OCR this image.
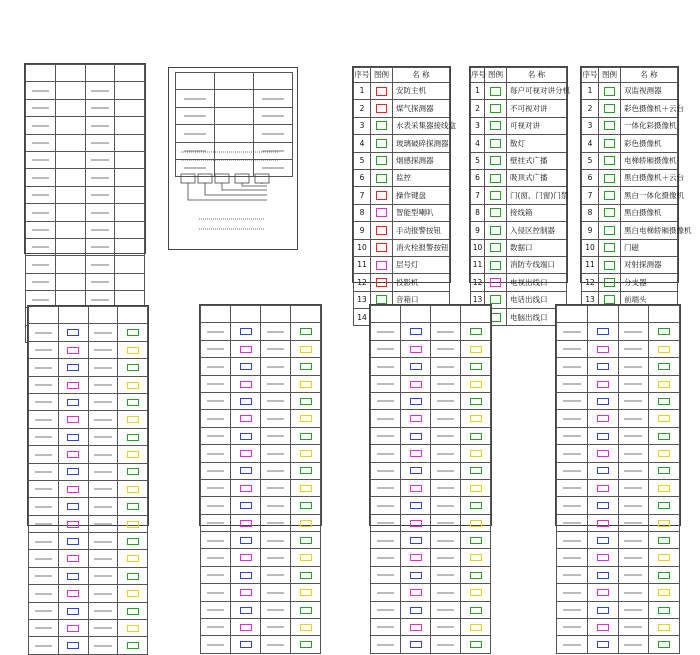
序号	图例	名 称
1		安防主机
2		煤气探测器
3		水表采集器接线盒
4		玻璃破碎探测器
5		烟感探测器
6		监控
7		操作键盘
8		智能型喇叭
9		手动报警按钮
10		消火栓报警按钮
11		层号灯
12		投影机
13		音箱口
14		
序号	图例	名 称
1		每户可视对讲分机
2		不可视对讲
3		可视对讲
4		散灯
5		壁挂式广播
6		吸顶式广播
7		门(窗、门窗)门禁
8		接线箱
9		入侵区控制器
10		数据口
11		消防专线端口
12		电视出线口
13		电话出线口
		电脑出线口
序号	图例	名 称
1		双监视测器
2		彩色摄像机＋云台
3		一体化彩摄像机
4		彩色摄像机
5		电梯轿厢摄像机
6		黑白摄像机＋云台
7		黑白一体化摄像机
8		黑白摄像机
9		黑白电梯轿厢摄像机
10		门磁
11		对射探测器
12		分支器
13		前端头
